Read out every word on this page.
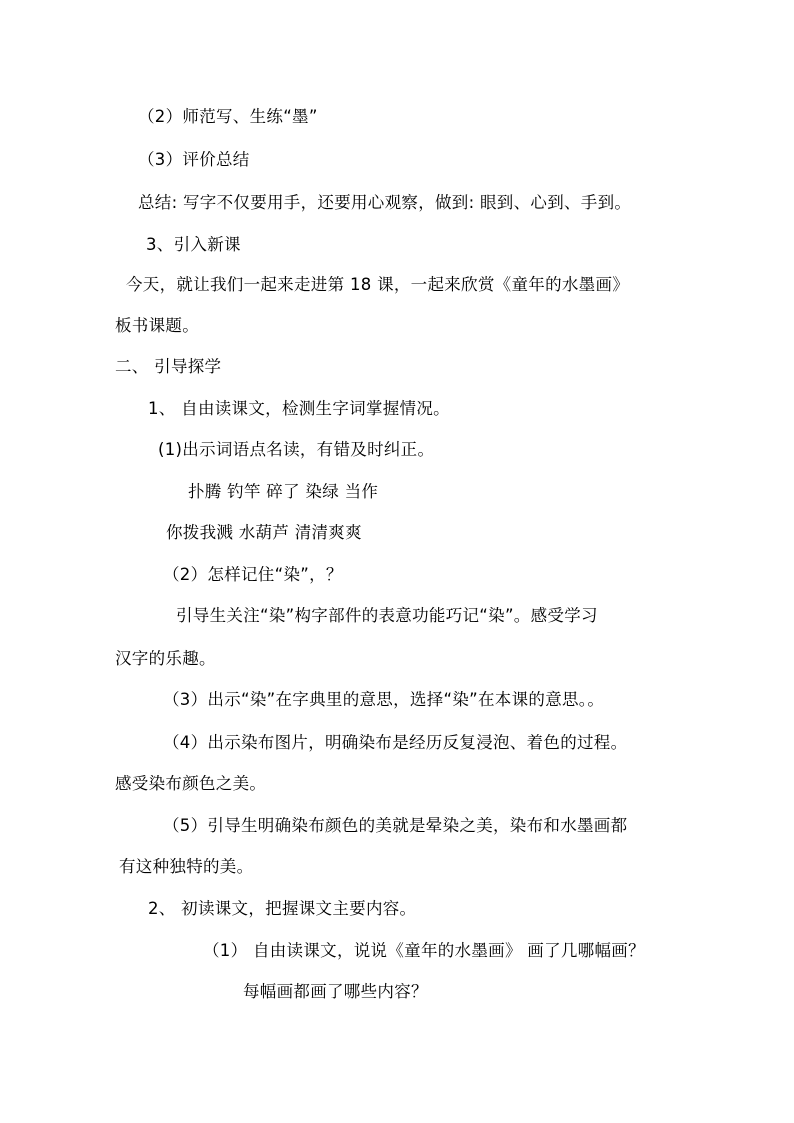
（2）师范写、生练“墨”
（3）评价总结
总结: 写字不仅要用手，还要用心观察，做到: 眼到、心到、手到。
3、引入新课
今天，就让我们一起来走进第 18 课，一起来欣赏《童年的水墨画》
板书课题。
二、 引导探学
1、 自由读课文，检测生字词掌握情况。
(1)出示词语点名读，有错及时纠正。
扑腾 钓竿 碎了 染绿 当作
你拨我溅 水葫芦 清清爽爽
（2）怎样记住“染”，？
引导生关注“染”构字部件的表意功能巧记“染”。感受学习
汉字的乐趣。
（3）出示“染”在字典里的意思，选择“染”在本课的意思。。
（4）出示染布图片，明确染布是经历反复浸泡、着色的过程。
感受染布颜色之美。
（5）引导生明确染布颜色的美就是晕染之美，染布和水墨画都
有这种独特的美。
2、 初读课文，把握课文主要内容。
（1） 自由读课文，说说《童年的水墨画》 画了几哪幅画？
每幅画都画了哪些内容？
